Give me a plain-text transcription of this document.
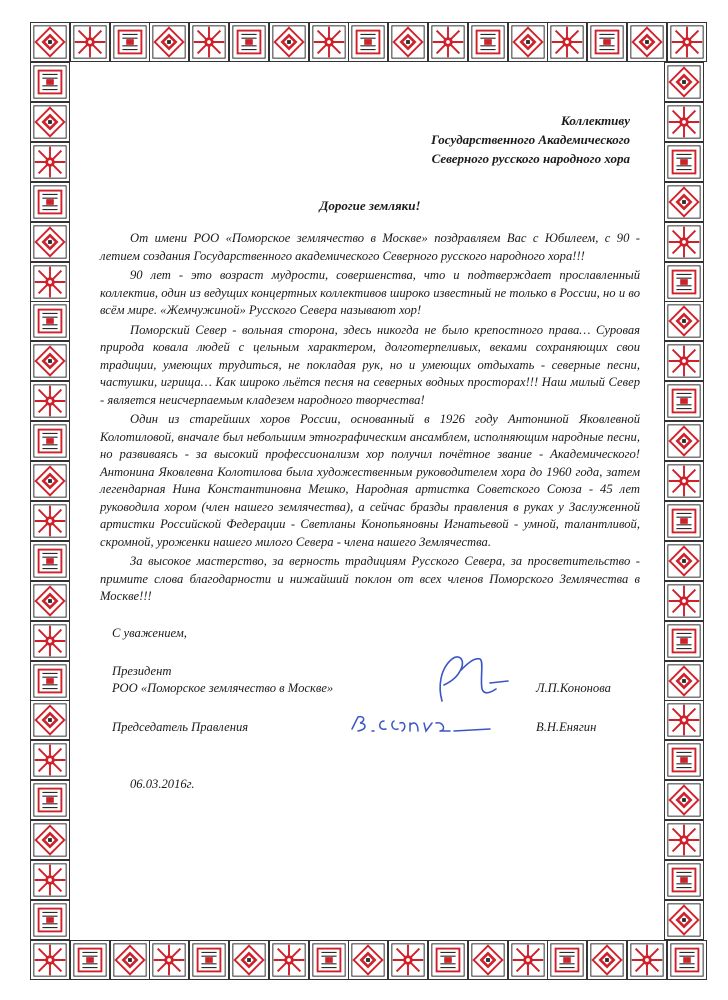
Коллективу
Государственного Академического
Северного русского народного хора
Дорогие земляки!

От имени РОО «Поморское землячество в Москве» поздравляем Вас с Юбилеем, с 90 - летием создания Государственного академического Северного русского народного хора!!!

90 лет - это возраст мудрости, совершенства, что и подтверждает прославленный коллектив, один из ведущих концертных коллективов широко известный не только в России, но и во всём мире. «Жемчужиной» Русского Севера называют хор!

Поморский Север - вольная сторона, здесь никогда не было крепостного права… Суровая природа ковала людей с цельным характером, долготерпеливых, веками сохраняющих свои традиции, умеющих трудиться, не покладая рук, но и умеющих отдыхать - северные песни, частушки, игрища… Как широко льётся песня на северных водных просторах!!! Наш милый Север - является неисчерпаемым кладезем народного творчества!

Один из старейших хоров России, основанный в 1926 году Антониной Яковлевной Колотиловой, вначале был небольшим этнографическим ансамблем, исполняющим народные песни, но развиваясь - за высокий профессионализм хор получил почётное звание - Академического! Антонина Яковлевна Колотилова была художественным руководителем хора до 1960 года, затем легендарная Нина Константиновна Мешко, Народная артистка Советского Союза - 45 лет руководила хором (член нашего землячества), а сейчас бразды правления в руках у Заслуженной артистки Российской Федерации - Светланы Конопьяновны Игнатьевой - умной, талантливой, скромной, уроженки нашего милого Севера - члена нашего Землячества.

За высокое мастерство, за верность традициям Русского Севера, за просветительство - примите слова благодарности и нижайший поклон от всех членов Поморского Землячества в Москве!!!

С уважением,
Президент
РОО «Поморское землячество в Москве»	Л.П.Кононова
Председатель Правления	В.Н.Енягин
06.03.2016г.
